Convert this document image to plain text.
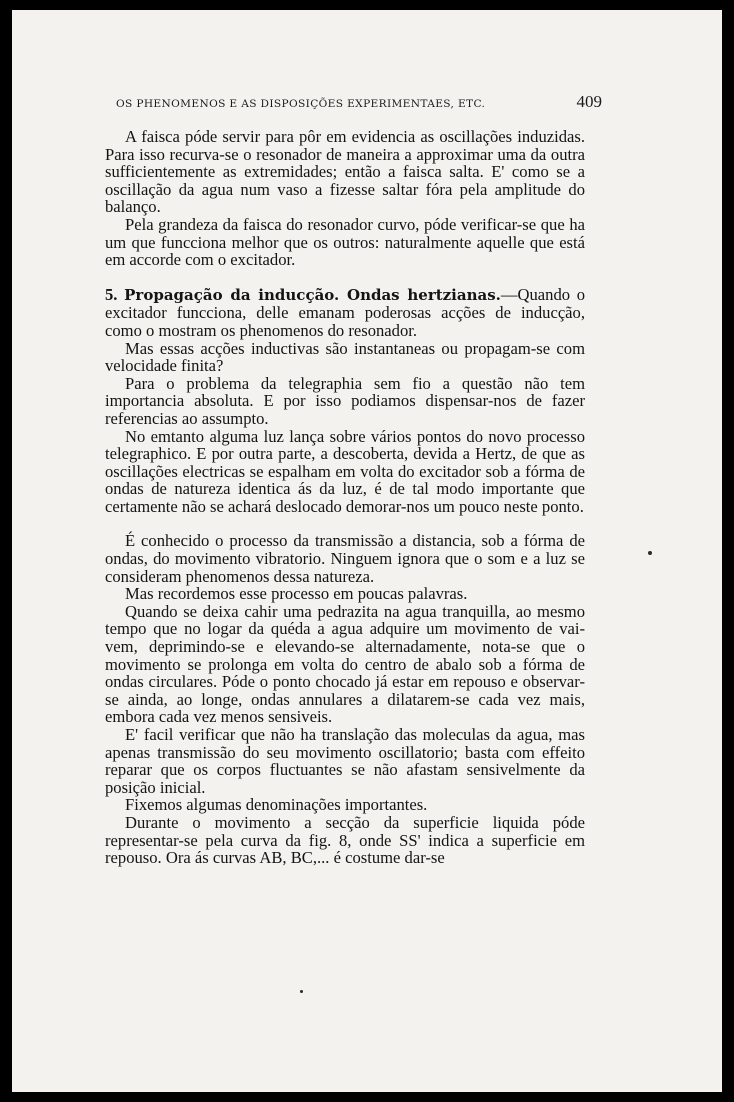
OS PHENOMENOS E AS DISPOSIÇÕES EXPERIMENTAES, ETC.	409

A faisca póde servir para pôr em evidencia as oscillações induzidas. Para isso recurva-se o resonador de maneira a approximar uma da outra sufficientemente as extremidades; então a faisca salta. E' como se a oscillação da agua num vaso a fizesse saltar fóra pela amplitude do balanço.

Pela grandeza da faisca do resonador curvo, póde verificar-se que ha um que funcciona melhor que os outros: naturalmente aquelle que está em accorde com o excitador.

5. Propagação da inducção. Ondas hertzianas.—Quando o excitador funcciona, delle emanam poderosas acções de inducção, como o mostram os phenomenos do resonador.

Mas essas acções inductivas são instantaneas ou propagam-se com velocidade finita?

Para o problema da telegraphia sem fio a questão não tem importancia absoluta. E por isso podiamos dispensar-nos de fazer referencias ao assumpto.

No emtanto alguma luz lança sobre vários pontos do novo processo telegraphico. E por outra parte, a descoberta, devida a Hertz, de que as oscillações electricas se espalham em volta do excitador sob a fórma de ondas de natureza identica ás da luz, é de tal modo importante que certamente não se achará deslocado demorar-nos um pouco neste ponto.

É conhecido o processo da transmissão a distancia, sob a fórma de ondas, do movimento vibratorio. Ninguem ignora que o som e a luz se consideram phenomenos dessa natureza.

Mas recordemos esse processo em poucas palavras.

Quando se deixa cahir uma pedrazita na agua tranquilla, ao mesmo tempo que no logar da quéda a agua adquire um movimento de vai-vem, deprimindo-se e elevando-se alternadamente, nota-se que o movimento se prolonga em volta do centro de abalo sob a fórma de ondas circulares. Póde o ponto chocado já estar em repouso e observar-se ainda, ao longe, ondas annulares a dilatarem-se cada vez mais, embora cada vez menos sensiveis.

E' facil verificar que não ha translação das moleculas da agua, mas apenas transmissão do seu movimento oscillatorio; basta com effeito reparar que os corpos fluctuantes se não afastam sensivelmente da posição inicial.

Fixemos algumas denominações importantes.

Durante o movimento a secção da superficie liquida póde representar-se pela curva da fig. 8, onde SS' indica a superficie em repouso. Ora ás curvas AB, BC,... é costume dar-se
